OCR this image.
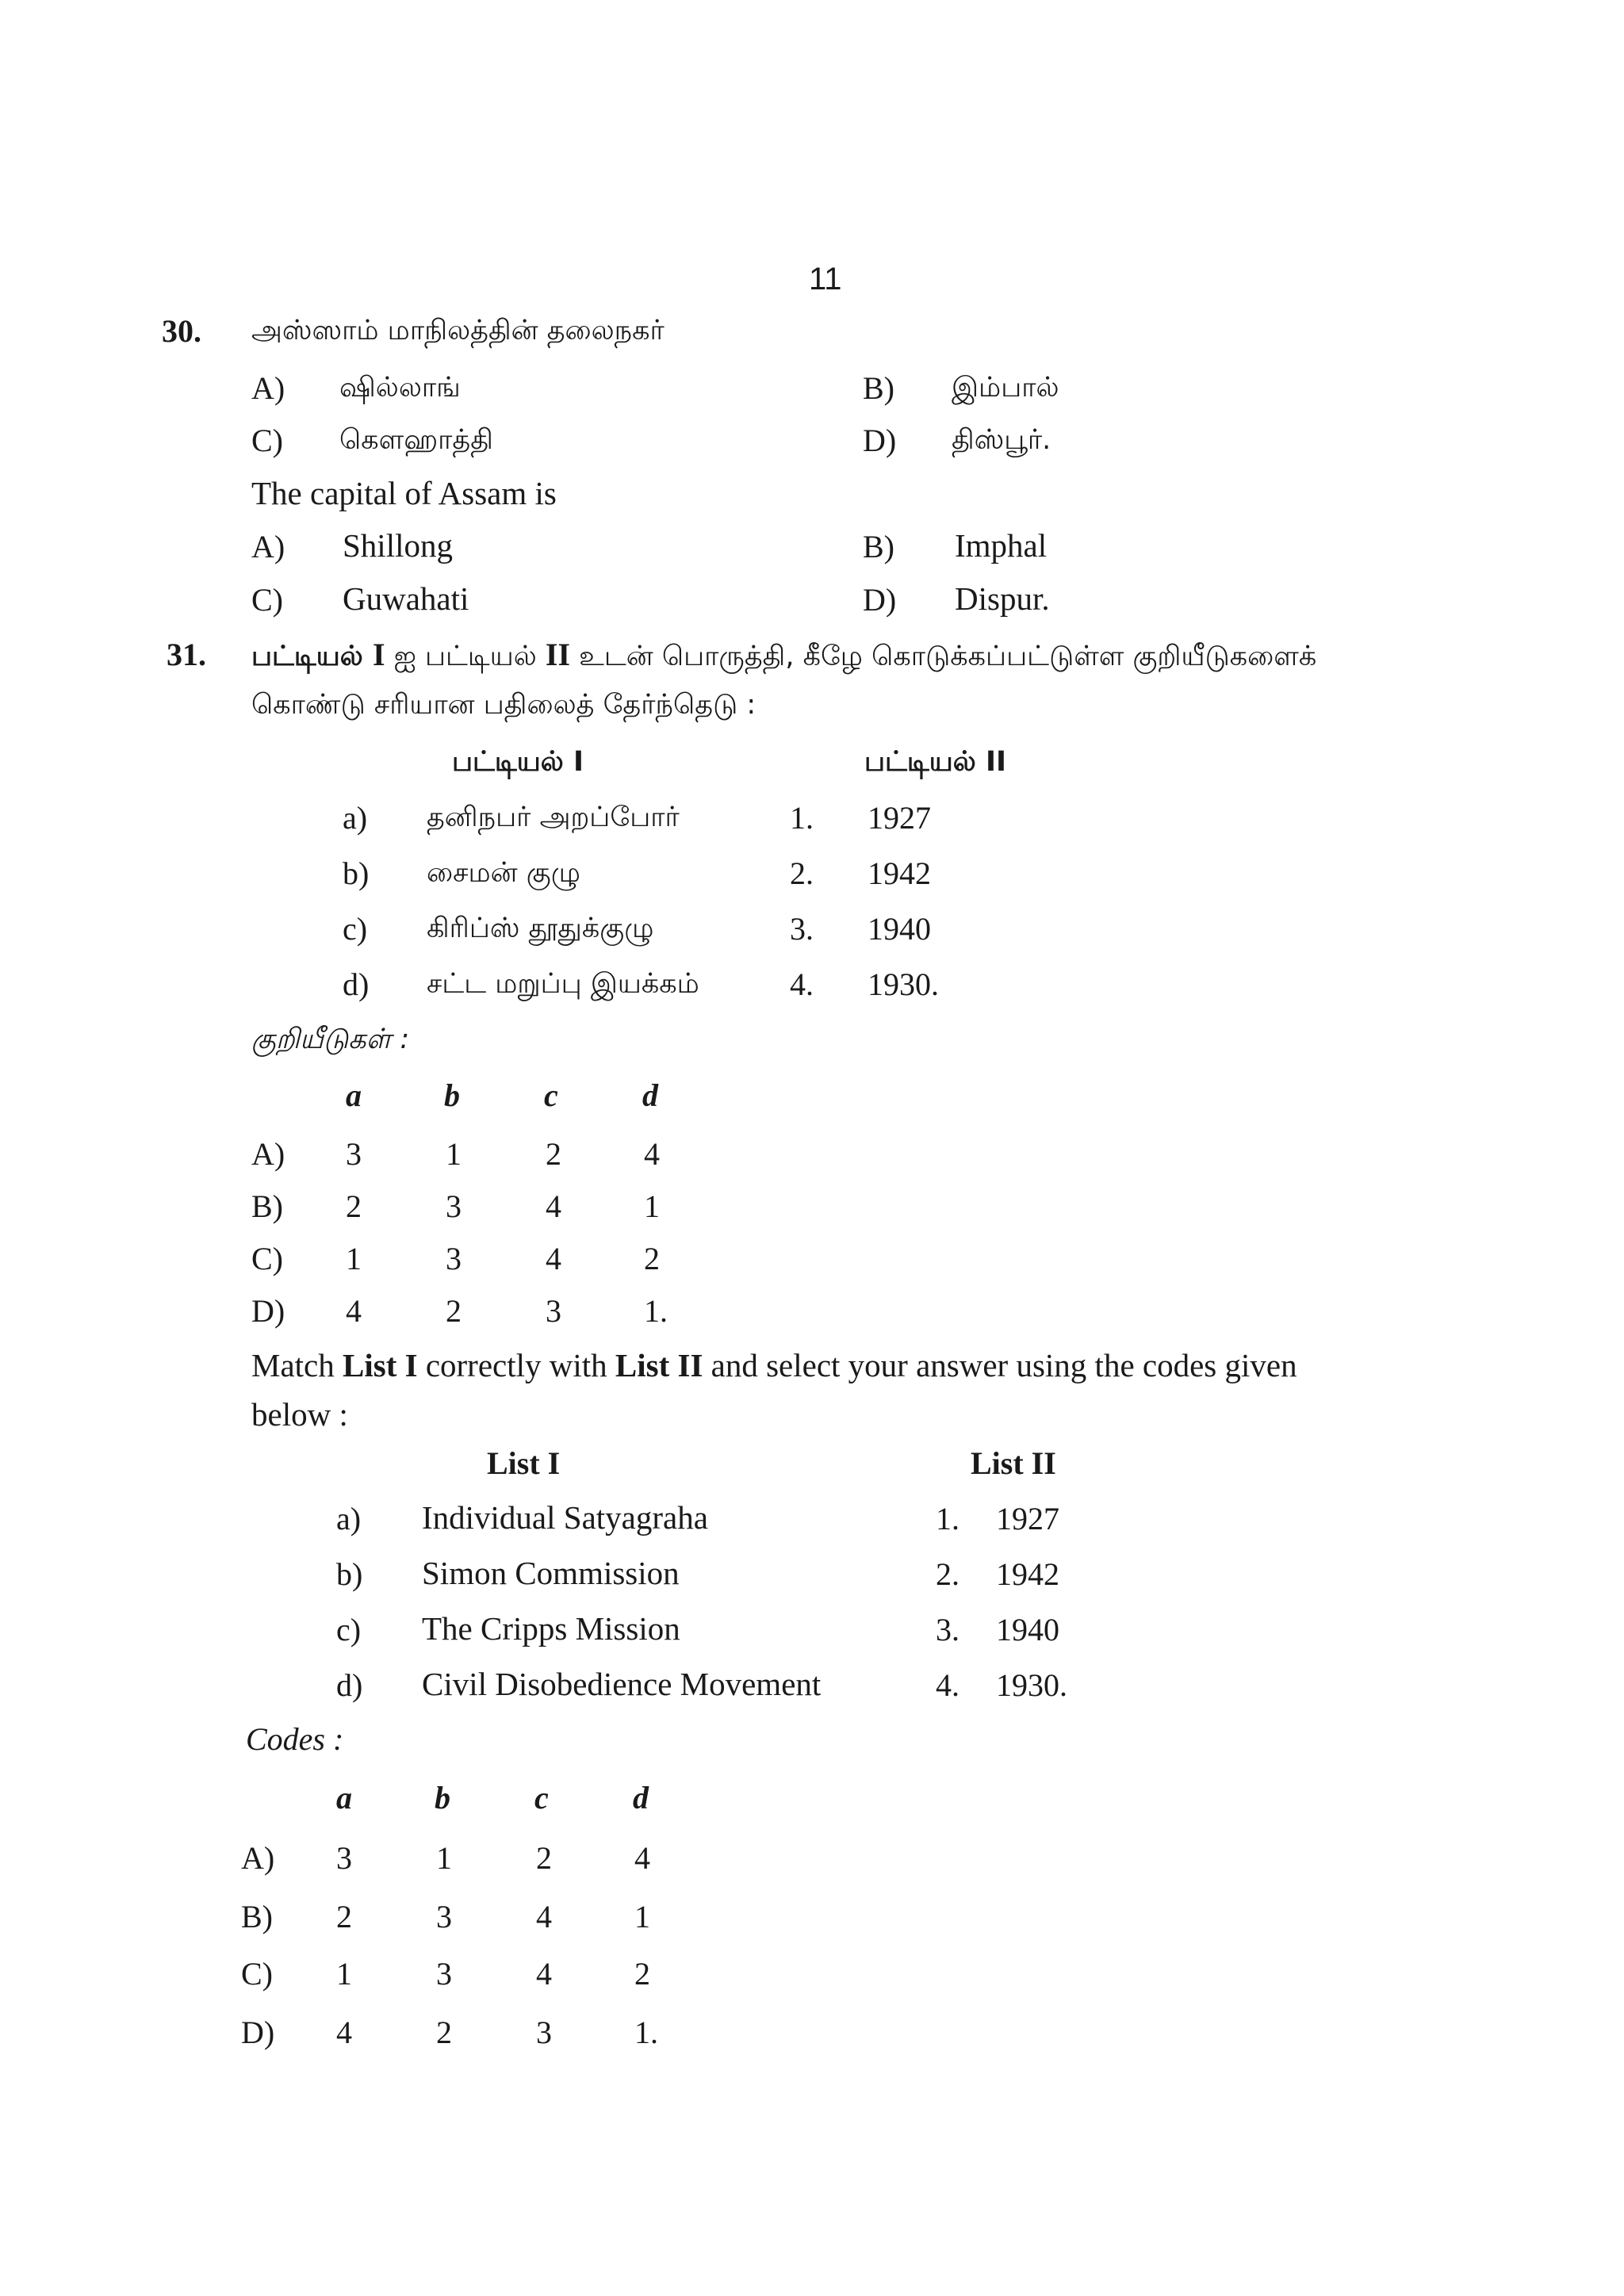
11
30. அஸ்ஸாம் மாநிலத்தின் தலைநகர்
A) ஷில்லாங்	B) இம்பால்
C) கௌஹாத்தி	D) திஸ்பூர்.
The capital of Assam is
A) Shillong	B) Imphal
C) Guwahati	D) Dispur.
31. பட்டியல் I ஐ பட்டியல் II உடன் பொருத்தி, கீழே கொடுக்கப்பட்டுள்ள குறியீடுகளைக்
கொண்டு சரியான பதிலைத் தேர்ந்தெடு :
பட்டியல் I	பட்டியல் II
a) தனிநபர் அறப்போர்	1. 1927
b) சைமன் குழு	2. 1942
c) கிரிப்ஸ் தூதுக்குழு	3. 1940
d) சட்ட மறுப்பு இயக்கம்	4. 1930.
குறியீடுகள் :
a	b	c	d
A) 3	1	2	4
B) 2	3	4	1
C) 1	3	4	2
D) 4	2	3	1.
Match List I correctly with List II and select your answer using the codes given
below :
List I	List II
a) Individual Satyagraha	1. 1927
b) Simon Commission	2. 1942
c) The Cripps Mission	3. 1940
d) Civil Disobedience Movement	4. 1930.
Codes :
a	b	c	d
A) 3	1	2	4
B) 2	3	4	1
C) 1	3	4	2
D) 4	2	3	1.
